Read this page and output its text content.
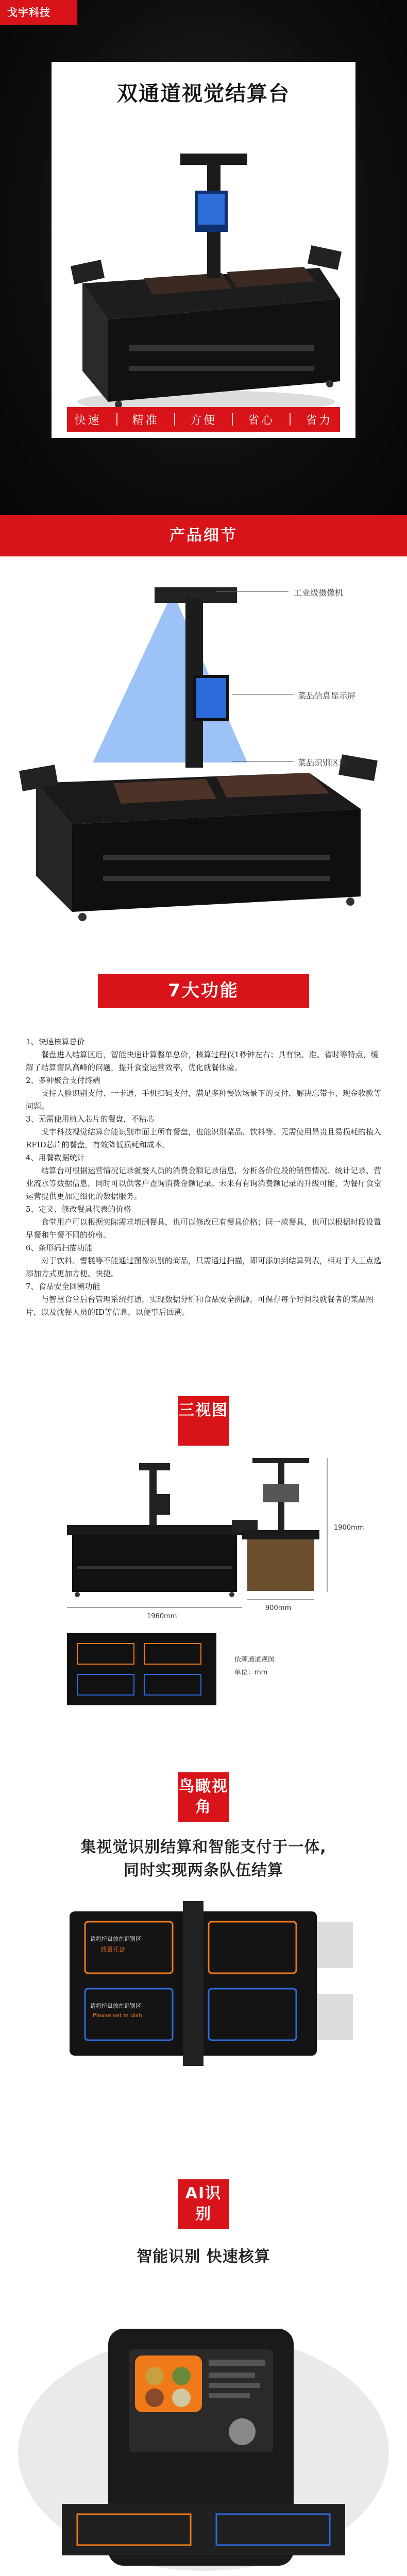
戈宇科技
双通道视觉结算台
快速	精准	方便	省心	省力
产品细节
工业级摄像机
菜品信息显示屏
菜品识别区域
7大功能

1、快速核算总价

　　餐盘进入结算区后，智能快速计算整单总价，核算过程仅1秒钟左右；具有快、准、省时等特点，缓解了结算窗队高峰的问题，提升食堂运营效率，优化就餐体验。

2、多种聚合支付终端

　　支持人脸识别支付、一卡通、手机扫码支付，满足多种餐饮场景下的支付，解决忘带卡、现金收款等问题。

3、无需使用植入芯片的餐盘，不粘芯

　　戈宇科技视觉结算台能识别市面上所有餐盘，也能识别菜品、饮料等。无需使用昂贵且易损耗的植入RFID芯片的餐盘，有效降低损耗和成本。

4、用餐数据统计

　　结算台可根据运营情况记录就餐人员的消费金额记录信息，分析各价位段的销售情况、统计记录、营业流水等数据信息，同时可以供客户查询消费金额记录。未来有有询消费额记录的升级可能，为餐厅食堂运营提供更加定细化的数据服务。

5、定义、修改餐具代表的价格

　　食堂用户可以根据实际需求增删餐具，也可以修改已有餐具价格；同一款餐具，也可以根据时段设置早餐和午餐不同的价格。

6、条形码扫描功能

　　对于饮料、雪糕等不能通过图像识别的商品，只需通过扫描，即可添加到结算列表，相对于人工点选添加方式更加方便、快捷。

7、食品安全回溯功能

　　与智慧食堂后台管理系统打通，实现数据分析和食品安全溯源，可保存每个时间段就餐者的菜品图片，以及就餐人员的ID等信息，以便事后回溯。

三视图
1960mm
1900mm
900mm
依颂通道视图
单位：mm
鸟瞰视角
集视觉识别结算和智能支付于一体,
同时实现两条队伍结算
请将托盘放在识别区
放置托盘
请将托盘放在识别区
Please set in dish
AI识别
智能识别 快速核算
